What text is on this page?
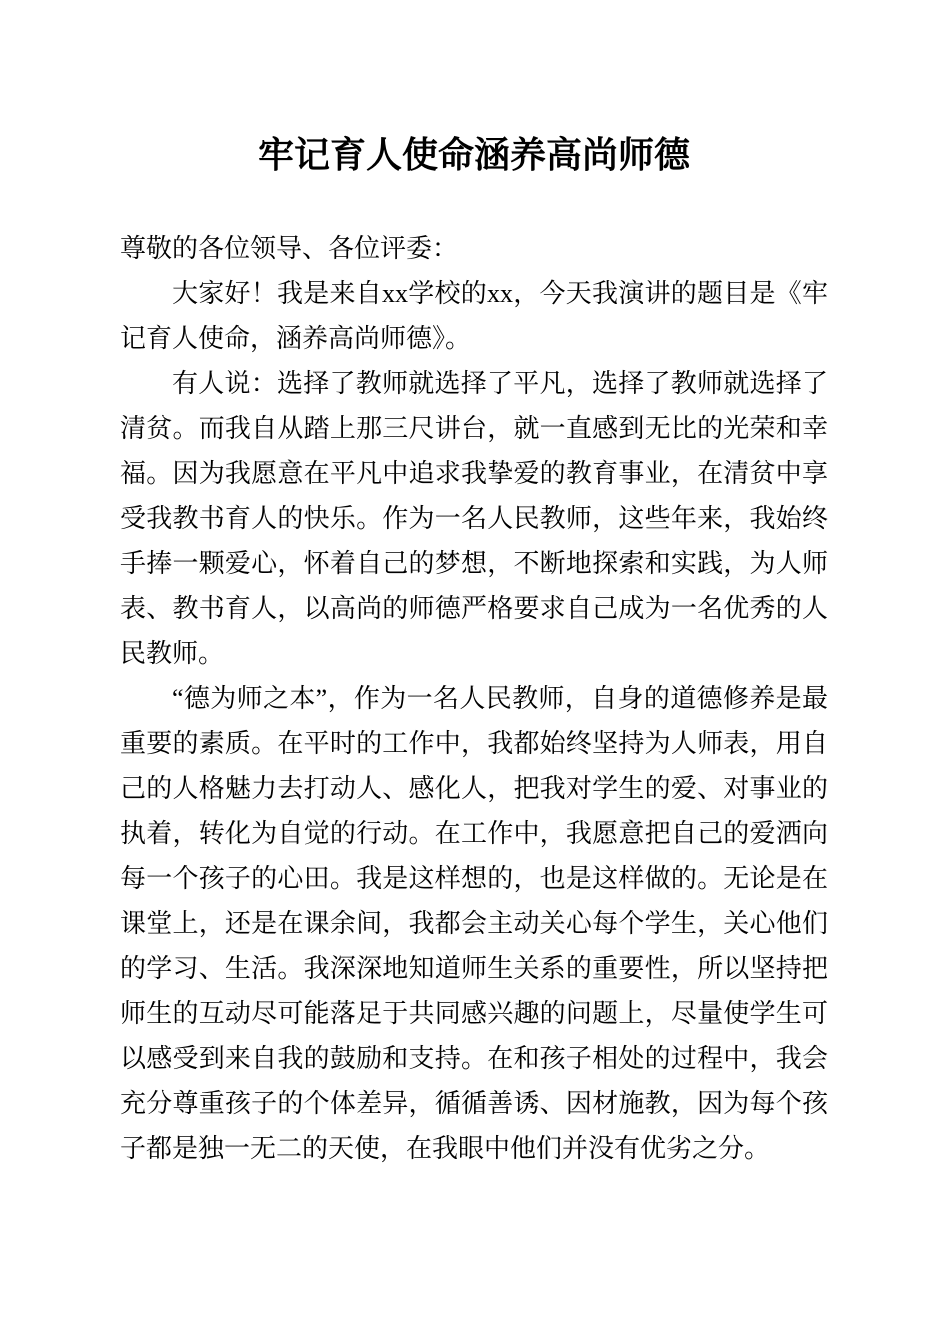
牢记育人使命涵养高尚师德

尊敬的各位领导、各位评委：

大家好！我是来自xx学校的xx，今天我演讲的题目是《牢记育人使命，涵养高尚师德》。

有人说：选择了教师就选择了平凡，选择了教师就选择了清贫。而我自从踏上那三尺讲台，就一直感到无比的光荣和幸福。因为我愿意在平凡中追求我挚爱的教育事业，在清贫中享受我教书育人的快乐。作为一名人民教师，这些年来，我始终手捧一颗爱心，怀着自己的梦想，不断地探索和实践，为人师表、教书育人，以高尚的师德严格要求自己成为一名优秀的人民教师。

“德为师之本”，作为一名人民教师，自身的道德修养是最重要的素质。在平时的工作中，我都始终坚持为人师表，用自己的人格魅力去打动人、感化人，把我对学生的爱、对事业的执着，转化为自觉的行动。在工作中，我愿意把自己的爱洒向每一个孩子的心田。我是这样想的，也是这样做的。无论是在课堂上，还是在课余间，我都会主动关心每个学生，关心他们的学习、生活。我深深地知道师生关系的重要性，所以坚持把师生的互动尽可能落足于共同感兴趣的问题上，尽量使学生可以感受到来自我的鼓励和支持。在和孩子相处的过程中，我会充分尊重孩子的个体差异，循循善诱、因材施教，因为每个孩子都是独一无二的天使，在我眼中他们并没有优劣之分。
